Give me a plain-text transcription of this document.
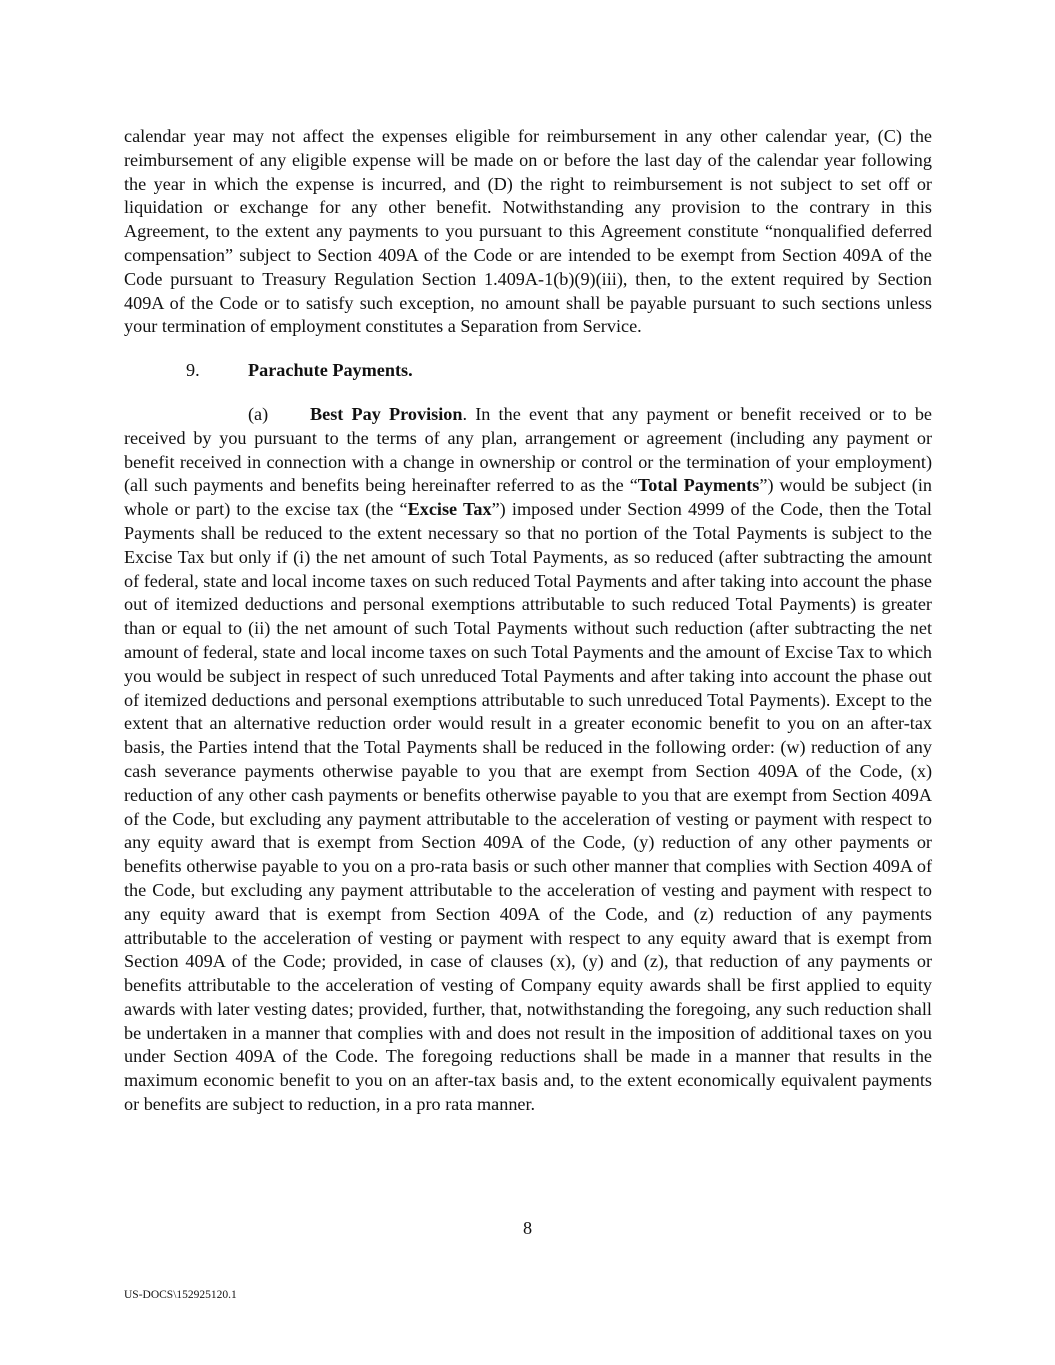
calendar year may not affect the expenses eligible for reimbursement in any other calendar year, (C) the reimbursement of any eligible expense will be made on or before the last day of the calendar year following the year in which the expense is incurred, and (D) the right to reimbursement is not subject to set off or liquidation or exchange for any other benefit. Notwithstanding any provision to the contrary in this Agreement, to the extent any payments to you pursuant to this Agreement constitute “nonqualified deferred compensation” subject to Section 409A of the Code or are intended to be exempt from Section 409A of the Code pursuant to Treasury Regulation Section 1.409A-1(b)(9)(iii), then, to the extent required by Section 409A of the Code or to satisfy such exception, no amount shall be payable pursuant to such sections unless your termination of employment constitutes a Separation from Service.

9.	Parachute Payments.

(a) Best Pay Provision. In the event that any payment or benefit received or to be received by you pursuant to the terms of any plan, arrangement or agreement (including any payment or benefit received in connection with a change in ownership or control or the termination of your employment) (all such payments and benefits being hereinafter referred to as the “Total Payments”) would be subject (in whole or part) to the excise tax (the “Excise Tax”) imposed under Section 4999 of the Code, then the Total Payments shall be reduced to the extent necessary so that no portion of the Total Payments is subject to the Excise Tax but only if (i) the net amount of such Total Payments, as so reduced (after subtracting the amount of federal, state and local income taxes on such reduced Total Payments and after taking into account the phase out of itemized deductions and personal exemptions attributable to such reduced Total Payments) is greater than or equal to (ii) the net amount of such Total Payments without such reduction (after subtracting the net amount of federal, state and local income taxes on such Total Payments and the amount of Excise Tax to which you would be subject in respect of such unreduced Total Payments and after taking into account the phase out of itemized deductions and personal exemptions attributable to such unreduced Total Payments). Except to the extent that an alternative reduction order would result in a greater economic benefit to you on an after-tax basis, the Parties intend that the Total Payments shall be reduced in the following order: (w) reduction of any cash severance payments otherwise payable to you that are exempt from Section 409A of the Code, (x) reduction of any other cash payments or benefits otherwise payable to you that are exempt from Section 409A of the Code, but excluding any payment attributable to the acceleration of vesting or payment with respect to any equity award that is exempt from Section 409A of the Code, (y) reduction of any other payments or benefits otherwise payable to you on a pro-rata basis or such other manner that complies with Section 409A of the Code, but excluding any payment attributable to the acceleration of vesting and payment with respect to any equity award that is exempt from Section 409A of the Code, and (z) reduction of any payments attributable to the acceleration of vesting or payment with respect to any equity award that is exempt from Section 409A of the Code; provided, in case of clauses (x), (y) and (z), that reduction of any payments or benefits attributable to the acceleration of vesting of Company equity awards shall be first applied to equity awards with later vesting dates; provided, further, that, notwithstanding the foregoing, any such reduction shall be undertaken in a manner that complies with and does not result in the imposition of additional taxes on you under Section 409A of the Code. The foregoing reductions shall be made in a manner that results in the maximum economic benefit to you on an after-tax basis and, to the extent economically equivalent payments or benefits are subject to reduction, in a pro rata manner.

8
US-DOCS\152925120.1
